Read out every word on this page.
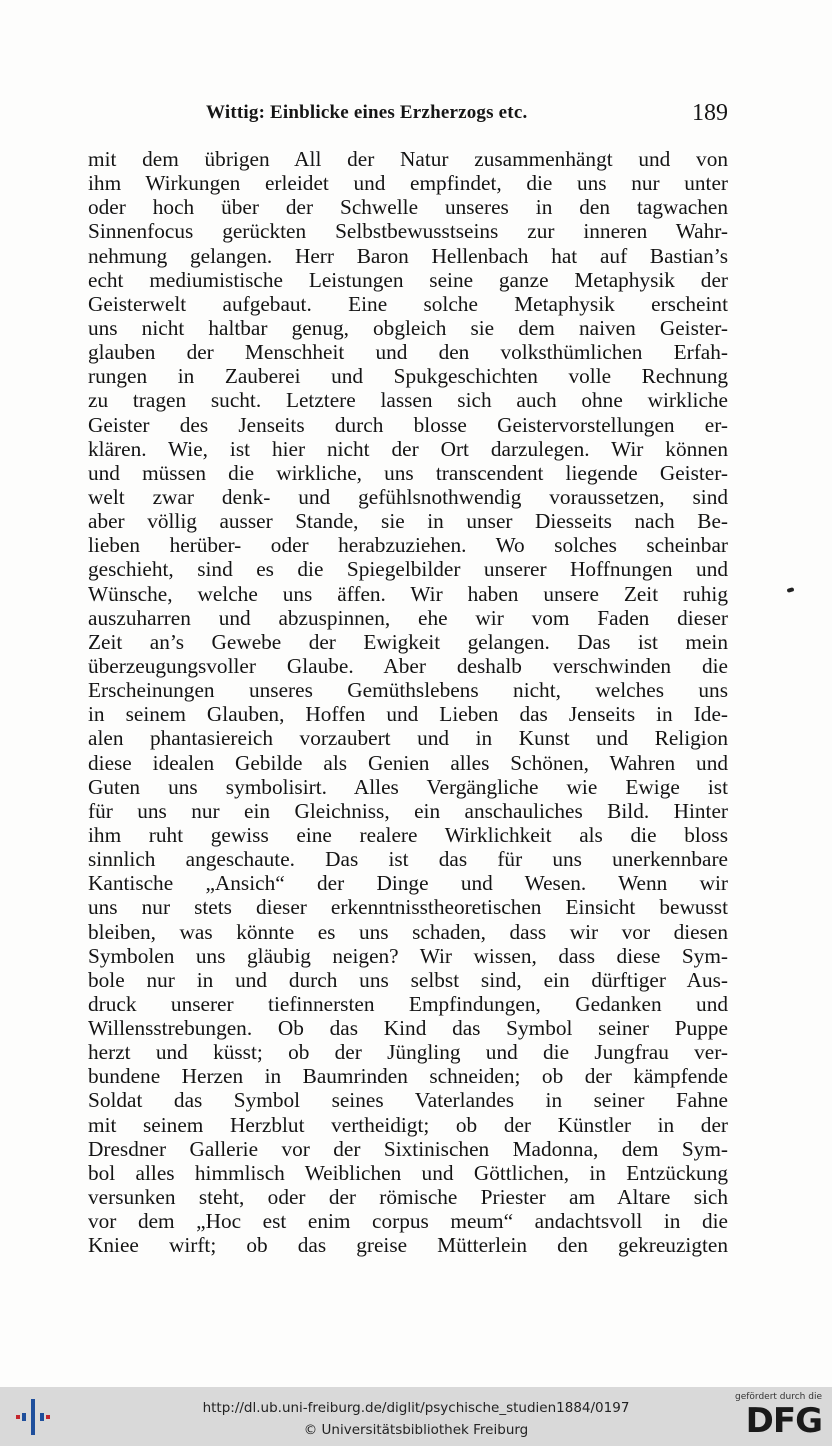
Wittig: Einblicke eines Erzherzogs etc.	189
mit dem übrigen All der Natur zusammenhängt und von
ihm Wirkungen erleidet und empfindet, die uns nur unter
oder hoch über der Schwelle unseres in den tagwachen
Sinnenfocus gerückten Selbstbewusstseins zur inneren Wahr-
nehmung gelangen. Herr Baron Hellenbach hat auf Bastian’s
echt mediumistische Leistungen seine ganze Metaphysik der
Geisterwelt aufgebaut. Eine solche Metaphysik erscheint
uns nicht haltbar genug, obgleich sie dem naiven Geister-
glauben der Menschheit und den volksthümlichen Erfah-
rungen in Zauberei und Spukgeschichten volle Rechnung
zu tragen sucht. Letztere lassen sich auch ohne wirkliche
Geister des Jenseits durch blosse Geistervorstellungen er-
klären. Wie, ist hier nicht der Ort darzulegen. Wir können
und müssen die wirkliche, uns transcendent liegende Geister-
welt zwar denk- und gefühlsnothwendig voraussetzen, sind
aber völlig ausser Stande, sie in unser Diesseits nach Be-
lieben herüber- oder herabzuziehen. Wo solches scheinbar
geschieht, sind es die Spiegelbilder unserer Hoffnungen und
Wünsche, welche uns äffen. Wir haben unsere Zeit ruhig
auszuharren und abzuspinnen, ehe wir vom Faden dieser
Zeit an’s Gewebe der Ewigkeit gelangen. Das ist mein
überzeugungsvoller Glaube. Aber deshalb verschwinden die
Erscheinungen unseres Gemüthslebens nicht, welches uns
in seinem Glauben, Hoffen und Lieben das Jenseits in Ide-
alen phantasiereich vorzaubert und in Kunst und Religion
diese idealen Gebilde als Genien alles Schönen, Wahren und
Guten uns symbolisirt. Alles Vergängliche wie Ewige ist
für uns nur ein Gleichniss, ein anschauliches Bild. Hinter
ihm ruht gewiss eine realere Wirklichkeit als die bloss
sinnlich angeschaute. Das ist das für uns unerkennbare
Kantische „Ansich“ der Dinge und Wesen. Wenn wir
uns nur stets dieser erkenntnisstheoretischen Einsicht bewusst
bleiben, was könnte es uns schaden, dass wir vor diesen
Symbolen uns gläubig neigen? Wir wissen, dass diese Sym-
bole nur in und durch uns selbst sind, ein dürftiger Aus-
druck unserer tiefinnersten Empfindungen, Gedanken und
Willensstrebungen. Ob das Kind das Symbol seiner Puppe
herzt und küsst; ob der Jüngling und die Jungfrau ver-
bundene Herzen in Baumrinden schneiden; ob der kämpfende
Soldat das Symbol seines Vaterlandes in seiner Fahne
mit seinem Herzblut vertheidigt; ob der Künstler in der
Dresdner Gallerie vor der Sixtinischen Madonna, dem Sym-
bol alles himmlisch Weiblichen und Göttlichen, in Entzückung
versunken steht, oder der römische Priester am Altare sich
vor dem „Hoc est enim corpus meum“ andachtsvoll in die
Kniee wirft; ob das greise Mütterlein den gekreuzigten
http://dl.ub.uni-freiburg.de/diglit/psychische_studien1884/0197
© Universitätsbibliothek Freiburg
gefördert durch die
DFG
